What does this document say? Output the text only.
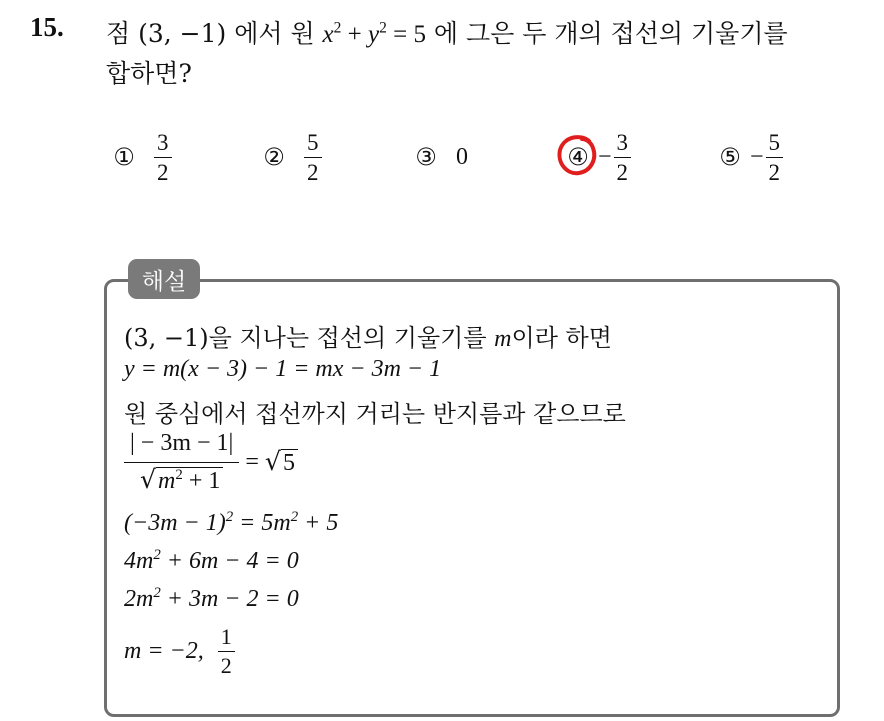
15. 점 (3, −1) 에서 원 $x^2 + y^2 = 5$ 에 그은 두 개의 접선의 기울기를
합하면?
① $\frac{3}{2}$	② $\frac{5}{2}$	③ 0	④ − $\frac{3}{2}$	⑤ − $\frac{5}{2}$
해설
(3, −1)을 지나는 접선의 기울기를 m이라 하면
y = m(x − 3) − 1 = mx − 3m − 1
원 중심에서 접선까지 거리는 반지름과 같으므로
$\frac{| - 3m - 1|}{√ m^2 + 1}$ = √ 5
$(-3m - 1)^2 = 5m^2 + 5$
$4m^2 + 6m - 4 = 0$
$2m^2 + 3m - 2 = 0$
m = −2, $\frac{1}{2}$
